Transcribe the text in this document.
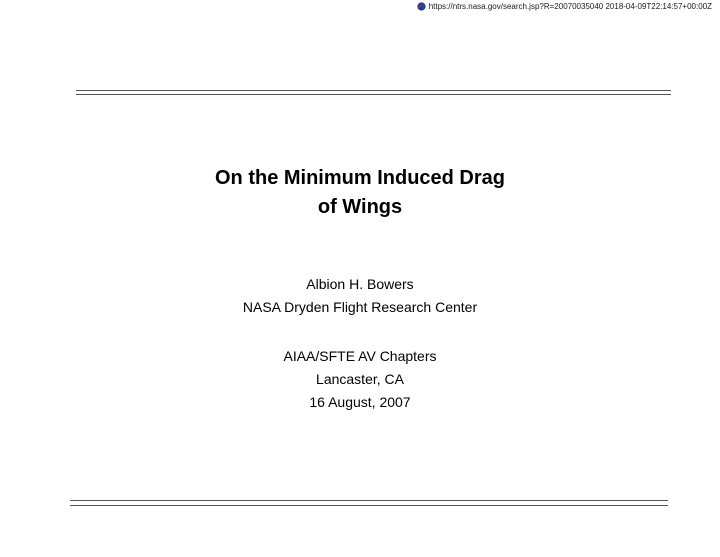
https://ntrs.nasa.gov/search.jsp?R=20070035040 2018-04-09T22:14:57+00:00Z
On the Minimum Induced Drag
of Wings
Albion H. Bowers
NASA Dryden Flight Research Center
AIAA/SFTE AV Chapters
Lancaster, CA
16 August, 2007
